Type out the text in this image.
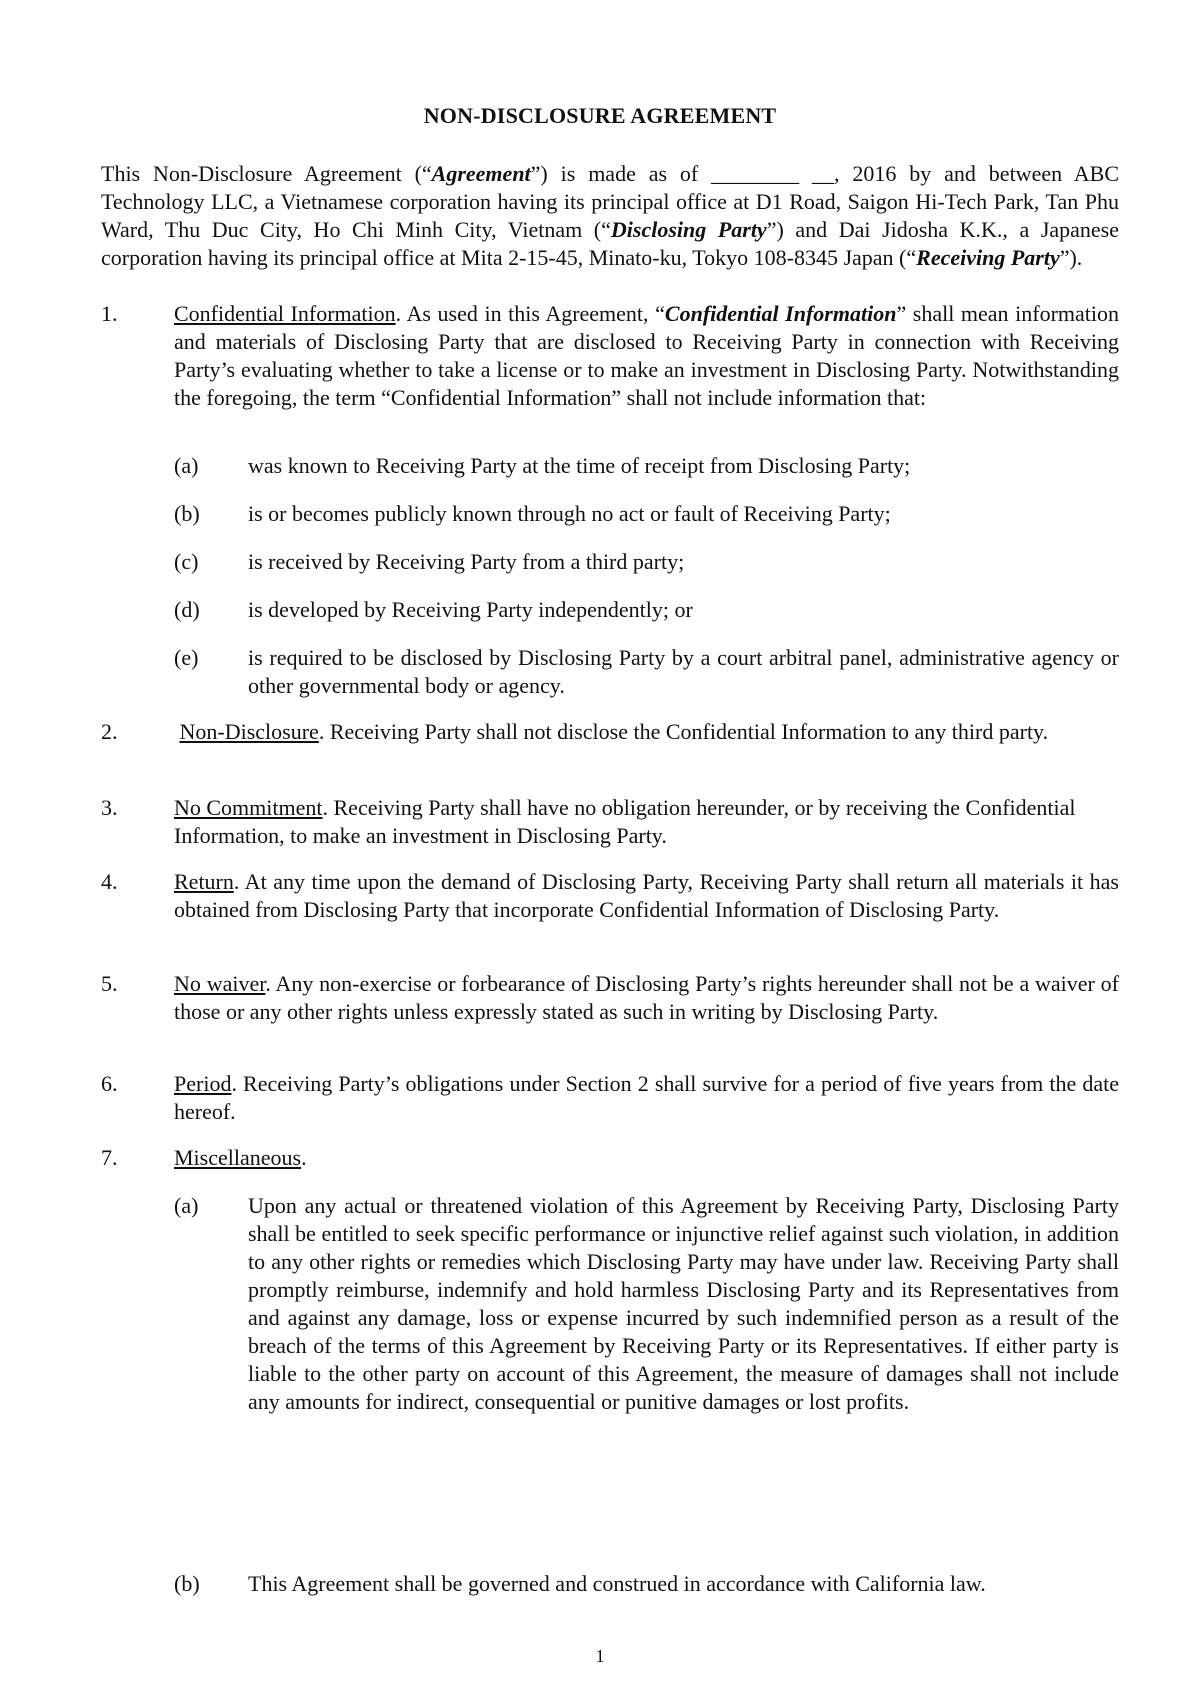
NON-DISCLOSURE AGREEMENT
This Non-Disclosure Agreement (“Agreement”) is made as of ________ __, 2016 by and between ABC Technology LLC, a Vietnamese corporation having its principal office at D1 Road, Saigon Hi-Tech Park, Tan Phu Ward, Thu Duc City, Ho Chi Minh City, Vietnam (“Disclosing Party”) and Dai Jidosha K.K., a Japanese corporation having its principal office at Mita 2-15-45, Minato-ku, Tokyo 108-8345 Japan (“Receiving Party”).
1.	Confidential Information. As used in this Agreement, “Confidential Information” shall mean information and materials of Disclosing Party that are disclosed to Receiving Party in connection with Receiving Party’s evaluating whether to take a license or to make an investment in Disclosing Party. Notwithstanding the foregoing, the term “Confidential Information” shall not include information that:
(a) was known to Receiving Party at the time of receipt from Disclosing Party;
(b) is or becomes publicly known through no act or fault of Receiving Party;
(c) is received by Receiving Party from a third party;
(d) is developed by Receiving Party independently; or
(e) is required to be disclosed by Disclosing Party by a court arbitral panel, administrative agency or other governmental body or agency.
2.	Non-Disclosure. Receiving Party shall not disclose the Confidential Information to any third party.
3.	No Commitment. Receiving Party shall have no obligation hereunder, or by receiving the Confidential Information, to make an investment in Disclosing Party.
4.	Return. At any time upon the demand of Disclosing Party, Receiving Party shall return all materials it has obtained from Disclosing Party that incorporate Confidential Information of Disclosing Party.
5.	No waiver. Any non-exercise or forbearance of Disclosing Party’s rights hereunder shall not be a waiver of those or any other rights unless expressly stated as such in writing by Disclosing Party.
6.	Period. Receiving Party’s obligations under Section 2 shall survive for a period of five years from the date hereof.
7.	Miscellaneous.
(a) Upon any actual or threatened violation of this Agreement by Receiving Party, Disclosing Party shall be entitled to seek specific performance or injunctive relief against such violation, in addition to any other rights or remedies which Disclosing Party may have under law. Receiving Party shall promptly reimburse, indemnify and hold harmless Disclosing Party and its Representatives from and against any damage, loss or expense incurred by such indemnified person as a result of the breach of the terms of this Agreement by Receiving Party or its Representatives. If either party is liable to the other party on account of this Agreement, the measure of damages shall not include any amounts for indirect, consequential or punitive damages or lost profits.
(b) This Agreement shall be governed and construed in accordance with California law.
1
